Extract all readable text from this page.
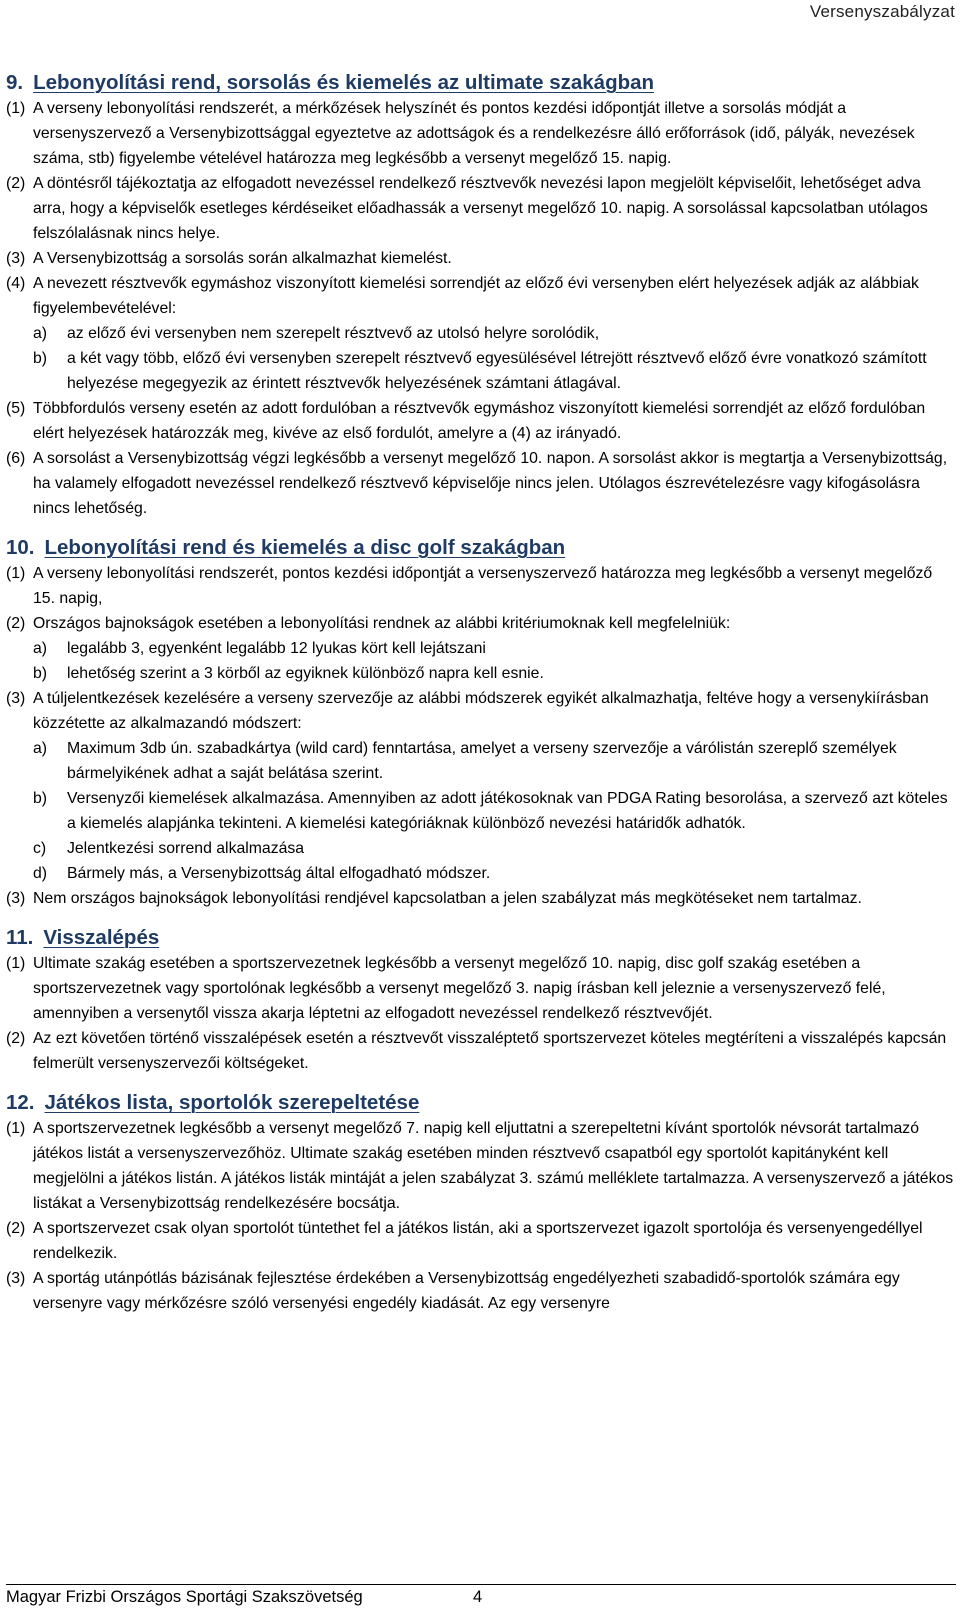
Versenyszabályzat
9. Lebonyolítási rend, sorsolás és kiemelés az ultimate szakágban

(1) A verseny lebonyolítási rendszerét, a mérkőzések helyszínét és pontos kezdési időpontját illetve a sorsolás módját a versenyszervező a Versenybizottsággal egyeztetve az adottságok és a rendelkezésre álló erőforrások (idő, pályák, nevezések száma, stb) figyelembe vételével határozza meg legkésőbb a versenyt megelőző 15. napig.

(2) A döntésről tájékoztatja az elfogadott nevezéssel rendelkező résztvevők nevezési lapon megjelölt képviselőit, lehetőséget adva arra, hogy a képviselők esetleges kérdéseiket előadhassák a versenyt megelőző 10. napig. A sorsolással kapcsolatban utólagos felszólalásnak nincs helye.

(3) A Versenybizottság a sorsolás során alkalmazhat kiemelést.

(4) A nevezett résztvevők egymáshoz viszonyított kiemelési sorrendjét az előző évi versenyben elért helyezések adják az alábbiak figyelembevételével:

a) az előző évi versenyben nem szerepelt résztvevő az utolsó helyre sorolódik,

b) a két vagy több, előző évi versenyben szerepelt résztvevő egyesülésével létrejött résztvevő előző évre vonatkozó számított helyezése megegyezik az érintett résztvevők helyezésének számtani átlagával.

(5) Többfordulós verseny esetén az adott fordulóban a résztvevők egymáshoz viszonyított kiemelési sorrendjét az előző fordulóban elért helyezések határozzák meg, kivéve az első fordulót, amelyre a (4) az irányadó.

(6) A sorsolást a Versenybizottság végzi legkésőbb a versenyt megelőző 10. napon. A sorsolást akkor is megtartja a Versenybizottság, ha valamely elfogadott nevezéssel rendelkező résztvevő képviselője nincs jelen. Utólagos észrevételezésre vagy kifogásolásra nincs lehetőség.

10. Lebonyolítási rend és kiemelés a disc golf szakágban

(1) A verseny lebonyolítási rendszerét, pontos kezdési időpontját a versenyszervező határozza meg legkésőbb a versenyt megelőző 15. napig,

(2) Országos bajnokságok esetében a lebonyolítási rendnek az alábbi kritériumoknak kell megfelelniük:

a) legalább 3, egyenként legalább 12 lyukas kört kell lejátszani

b) lehetőség szerint a 3 körből az egyiknek különböző napra kell esnie.

(3) A túljelentkezések kezelésére a verseny szervezője az alábbi módszerek egyikét alkalmazhatja, feltéve hogy a versenykiírásban közzétette az alkalmazandó módszert:

a) Maximum 3db ún. szabadkártya (wild card) fenntartása, amelyet a verseny szervezője a várólistán szereplő személyek bármelyikének adhat a saját belátása szerint.

b) Versenyzői kiemelések alkalmazása. Amennyiben az adott játékosoknak van PDGA Rating besorolása, a szervező azt köteles a kiemelés alapjánka tekinteni. A kiemelési kategóriáknak különböző nevezési határidők adhatók.

c) Jelentkezési sorrend alkalmazása

d) Bármely más, a Versenybizottság által elfogadható módszer.

(3) Nem országos bajnokságok lebonyolítási rendjével kapcsolatban a jelen szabályzat más megkötéseket nem tartalmaz.

11. Visszalépés

(1) Ultimate szakág esetében a sportszervezetnek legkésőbb a versenyt megelőző 10. napig, disc golf szakág esetében a sportszervezetnek vagy sportolónak legkésőbb a versenyt megelőző 3. napig írásban kell jeleznie a versenyszervező felé, amennyiben a versenytől vissza akarja léptetni az elfogadott nevezéssel rendelkező résztvevőjét.

(2) Az ezt követően történő visszalépések esetén a résztvevőt visszaléptető sportszervezet köteles megtéríteni a visszalépés kapcsán felmerült versenyszervezői költségeket.

12. Játékos lista, sportolók szerepeltetése

(1) A sportszervezetnek legkésőbb a versenyt megelőző 7. napig kell eljuttatni a szerepeltetni kívánt sportolók névsorát tartalmazó játékos listát a versenyszervezőhöz. Ultimate szakág esetében minden résztvevő csapatból egy sportolót kapitányként kell megjelölni a játékos listán. A játékos listák mintáját a jelen szabályzat 3. számú melléklete tartalmazza. A versenyszervező a játékos listákat a Versenybizottság rendelkezésére bocsátja.

(2) A sportszervezet csak olyan sportolót tüntethet fel a játékos listán, aki a sportszervezet igazolt sportolója és versenyengedéllyel rendelkezik.

(3) A sportág utánpótlás bázisának fejlesztése érdekében a Versenybizottság engedélyezheti szabadidő-sportolók számára egy versenyre vagy mérkőzésre szóló versenyési engedély kiadását. Az egy versenyre

Magyar Frizbi Országos Sportági Szakszövetség	4
